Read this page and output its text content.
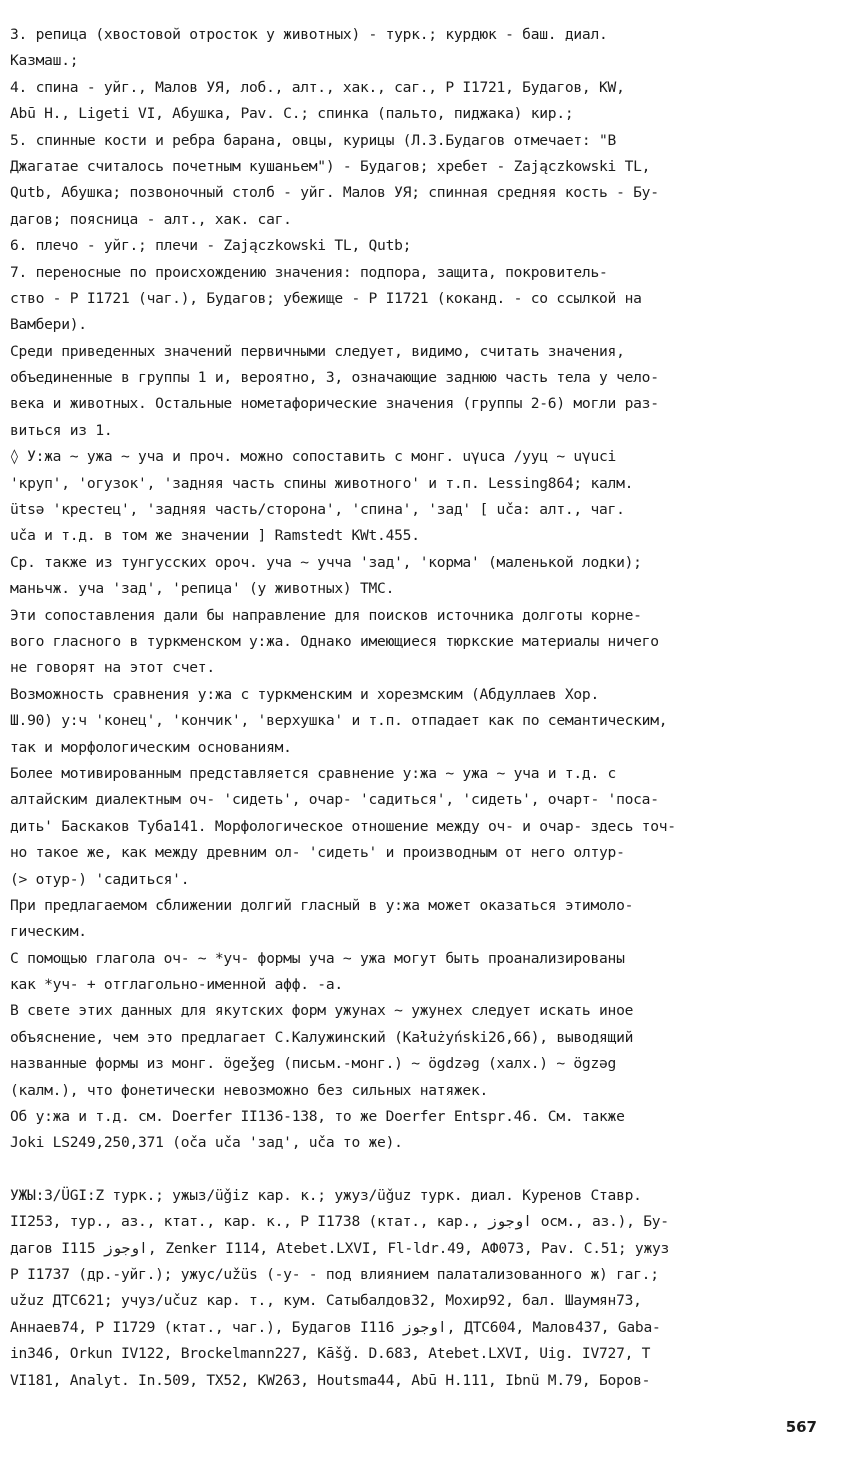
3. репица (хвостовой отросток у животных) - турк.; курдюк - баш. диал.
Казмаш.;
4. спина - уйг., Малов УЯ, лоб., алт., хак., саг., Р I1721, Будагов, KW,
Abū H., Ligeti VI, Абушка, Pav. C.; спинка (пальто, пиджака) кир.;
5. спинные кости и ребра барана, овцы, курицы (Л.З.Будагов отмечает: "В
Джагатае считалось почетным кушаньем") - Будагов; хребет - Zajączkowski TL,
Qutb, Абушка; позвоночный столб - уйг. Малов УЯ; спинная средняя кость - Бу-
дагов; поясница - алт., хак. саг.
6. плечо - уйг.; плечи - Zajączkowski TL, Qutb;
7. переносные по происхождению значения: подпора, защита, покровитель-
ство - Р I1721 (чаг.), Будагов; убежище - Р I1721 (коканд. - со ссылкой на
Вамбери).
Среди приведенных значений первичными следует, видимо, считать значения,
объединенные в группы 1 и, вероятно, 3, означающие заднюю часть тела у чело-
века и животных. Остальные нометафорические значения (группы 2-6) могли раз-
виться из 1.
◊ У:жа ~ ужа ~ уча и проч. можно сопоставить с монг. uγuca /ууц ~ uγuci
'круп', 'огузок', 'задняя часть спины животного' и т.п. Lessing864; калм.
ütsə 'крестец', 'задняя часть/сторона', 'спина', 'зад' [ uča: алт., чаг.
uča и т.д. в том же значении ] Ramstedt KWt.455.
Ср. также из тунгусских ороч. уча ~ учча 'зад', 'корма' (маленькой лодки);
маньчж. уча 'зад', 'репица' (у животных) ТМС.
Эти сопоставления дали бы направление для поисков источника долготы корне-
вого гласного в туркменском у:жа. Однако имеющиеся тюркские материалы ничего
не говорят на этот счет.
Возможность сравнения у:жа с туркменским и хорезмским (Абдуллаев Хор.
Ш.90) у:ч 'конец', 'кончик', 'верхушка' и т.п. отпадает как по семантическим,
так и морфологическим основаниям.
Более мотивированным представляется сравнение у:жа ~ ужа ~ уча и т.д. с
алтайским диалектным оч- 'сидеть', очар- 'садиться', 'сидеть', очарт- 'поса-
дить' Баскаков Туба141. Морфологическое отношение между оч- и очар- здесь точ-
но такое же, как между древним ол- 'сидеть' и производным от него олтур-
(> отур-) 'садиться'.
При предлагаемом сближении долгий гласный в у:жа может оказаться этимоло-
гическим.
С помощью глагола оч- ~ *уч- формы уча ~ ужа могут быть проанализированы
как *уч- + отглагольно-именной афф. -а.
В свете этих данных для якутских форм ужунах ~ ужунех следует искать иное
объяснение, чем это предлагает С.Калужинский (Kałużyński26,66), выводящий
названные формы из монг. ögeǯeg (письм.-монг.) ~ ögdzəg (халх.) ~ ögzəg
(калм.), что фонетически невозможно без сильных натяжек.
Об у:жа и т.д. см. Doerfer II136-138, то же Doerfer Entspr.46. См. также
Joki LS249,250,371 (oča uča 'зад', uča то же).
УЖЫ:З/ÜGI:Z турк.; ужыз/üǧiz кар. к.; ужуз/üǧuz турк. диал. Куренов Ставр.
II253, тур., аз., ктат., кар. к., Р I1738 (ктат., кар., اوجوز осм., аз.), Бу-
дагов I115 اوجوز, Zenker I114, Atebet.LXVI, Fl-ldr.49, АФ073, Pav. C.51; ужуз
Р I1737 (др.-уйг.); ужус/užüs (-у- - под влиянием палатализованного ж) гаг.;
užuz ДТС621; учуз/učuz кар. т., кум. Сатыбалдов32, Мохир92, бал. Шаумян73,
Аннаев74, Р I1729 (ктат., чаг.), Будагов I116 اوجوز, ДТС604, Малов437, Gaba-
in346, Orkun IV122, Brockelmann227, Kāšǧ. D.683, Atebet.LXVI, Uig. IV727, T
VI181, Analyt. In.509, TX52, KW263, Houtsma44, Abū H.111, Ibnü M.79, Боров-
567
